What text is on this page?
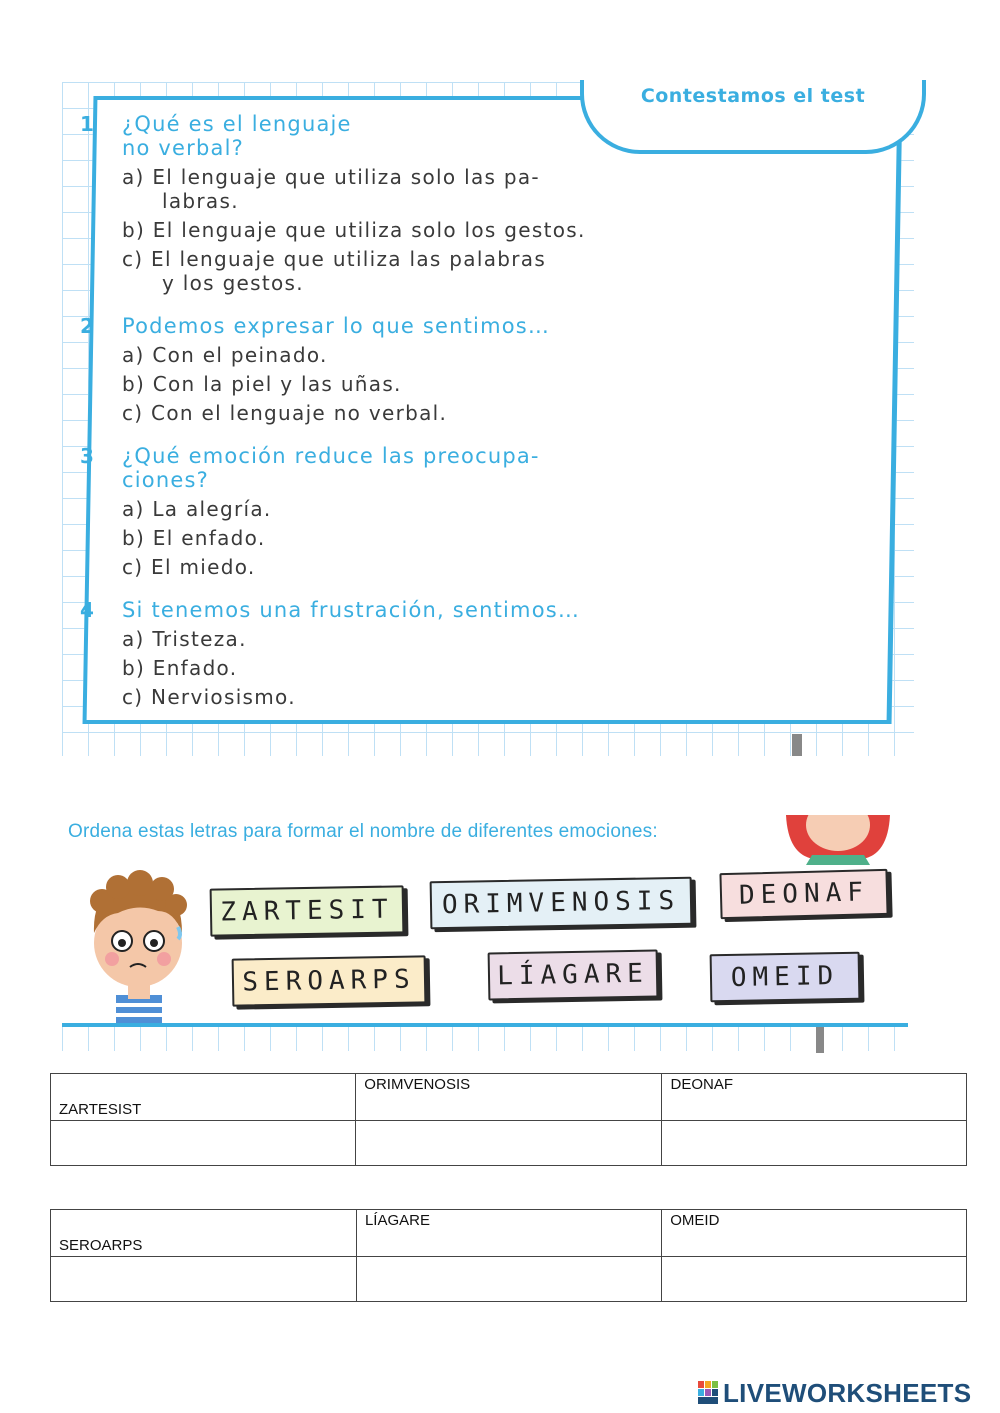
Contestamos el test
1 ¿Qué es el lenguaje
no verbal?
a) El lenguaje que utiliza solo las pa-
labras.
b) El lenguaje que utiliza solo los gestos.
c) El lenguaje que utiliza las palabras
y los gestos.
2 Podemos expresar lo que sentimos…
a) Con el peinado.
b) Con la piel y las uñas.
c) Con el lenguaje no verbal.
3 ¿Qué emoción reduce las preocupa-
ciones?
a) La alegría.
b) El enfado.
c) El miedo.
4 Si tenemos una frustración, sentimos…
a) Tristeza.
b) Enfado.
c) Nerviosismo.
Ordena estas letras para formar el nombre de diferentes emociones:
ZARTESIT	ORIMVENOSIS	DEONAF
SEROARPS	LÍAGARE	OMEID
ZARTESIST	ORIMVENOSIS	DEONAF

SEROARPS	LÍAGARE	OMEID

LIVEWORKSHEETS
